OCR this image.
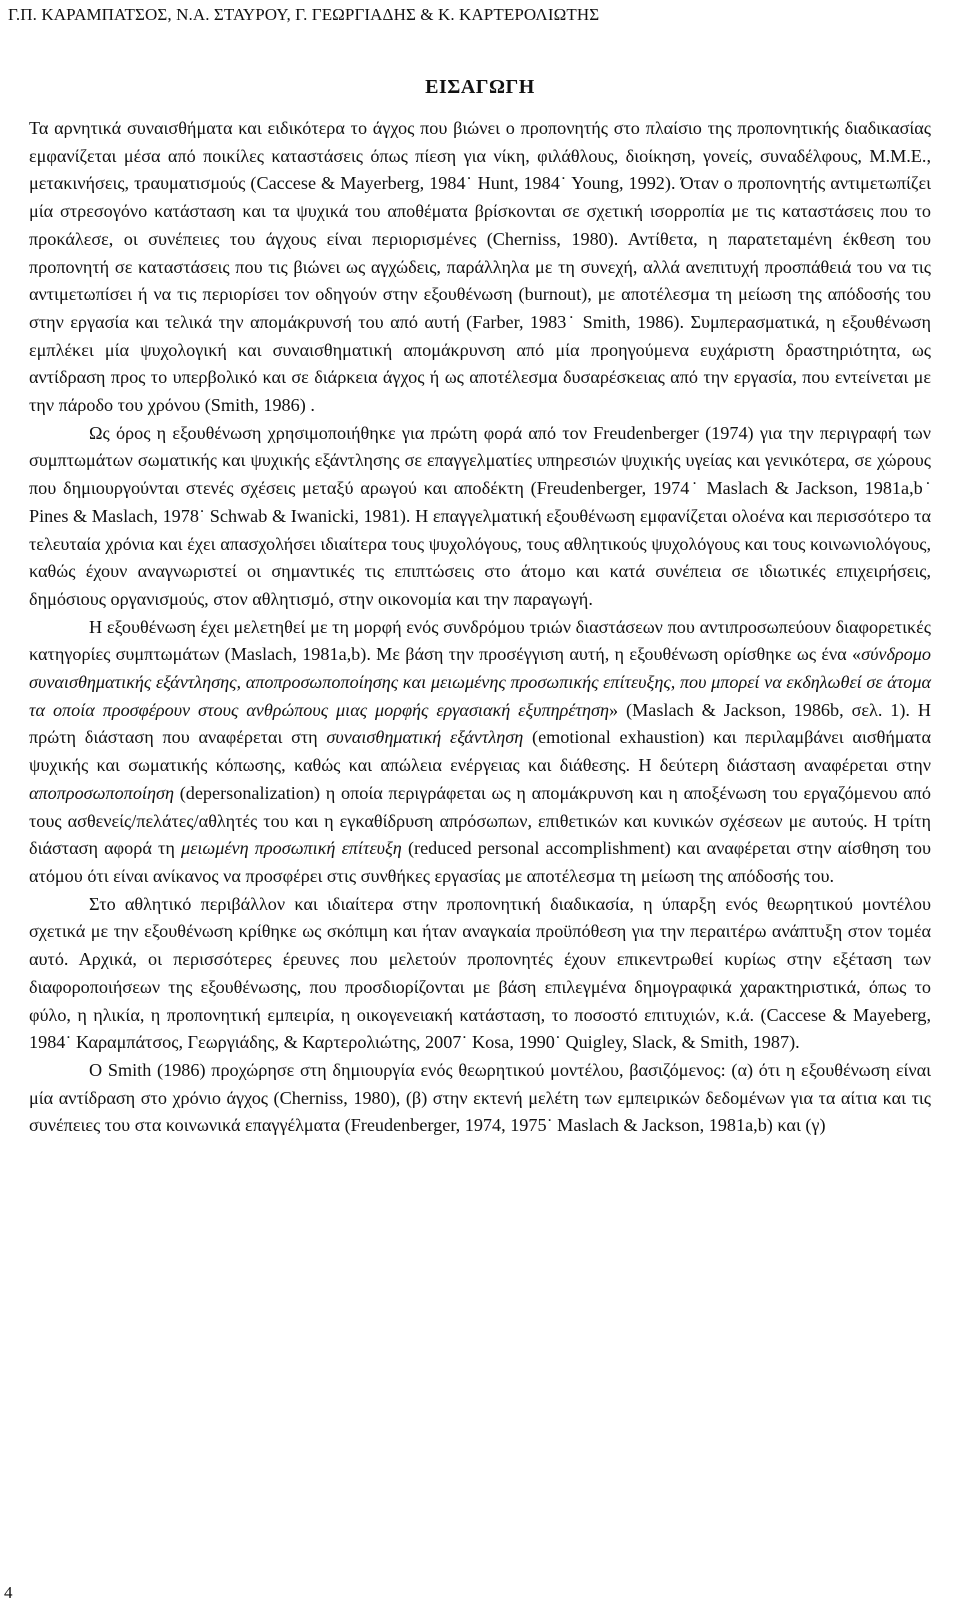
Γ.Π. ΚΑΡΑΜΠΑΤΣΟΣ, Ν.Α. ΣΤΑΥΡΟΥ, Γ. ΓΕΩΡΓΙΑΔΗΣ & Κ. ΚΑΡΤΕΡΟΛΙΩΤΗΣ
ΕΙΣΑΓΩΓΗ

Τα αρνητικά συναισθήματα και ειδικότερα το άγχος που βιώνει ο προπονητής στο πλαίσιο της προπονητικής διαδικασίας εμφανίζεται μέσα από ποικίλες καταστάσεις όπως πίεση για νίκη, φιλάθλους, διοίκηση, γονείς, συναδέλφους, Μ.Μ.Ε., μετακινήσεις, τραυματισμούς (Caccese & Mayerberg, 1984˙ Hunt, 1984˙ Young, 1992). Όταν ο προπονητής αντιμετωπίζει μία στρεσογόνο κατάσταση και τα ψυχικά του αποθέματα βρίσκονται σε σχετική ισορροπία με τις καταστάσεις που το προκάλεσε, οι συνέπειες του άγχους είναι περιορισμένες (Cherniss, 1980). Αντίθετα, η παρατεταμένη έκθεση του προπονητή σε καταστάσεις που τις βιώνει ως αγχώδεις, παράλληλα με τη συνεχή, αλλά ανεπιτυχή προσπάθειά του να τις αντιμετωπίσει ή να τις περιορίσει τον οδηγούν στην εξουθένωση (burnout), με αποτέλεσμα τη μείωση της απόδοσής του στην εργασία και τελικά την απομάκρυνσή του από αυτή (Farber, 1983˙ Smith, 1986). Συμπερασματικά, η εξουθένωση εμπλέκει μία ψυχολογική και συναισθηματική απομάκρυνση από μία προηγούμενα ευχάριστη δραστηριότητα, ως αντίδραση προς το υπερβολικό και σε διάρκεια άγχος ή ως αποτέλεσμα δυσαρέσκειας από την εργασία, που εντείνεται με την πάροδο του χρόνου (Smith, 1986) .

Ως όρος η εξουθένωση χρησιμοποιήθηκε για πρώτη φορά από τον Freudenberger (1974) για την περιγραφή των συμπτωμάτων σωματικής και ψυχικής εξάντλησης σε επαγγελματίες υπηρεσιών ψυχικής υγείας και γενικότερα, σε χώρους που δημιουργούνται στενές σχέσεις μεταξύ αρωγού και αποδέκτη (Freudenberger, 1974˙ Maslach & Jackson, 1981a,b˙ Pines & Maslach, 1978˙ Schwab & Iwanicki, 1981). Η επαγγελματική εξουθένωση εμφανίζεται ολοένα και περισσότερο τα τελευταία χρόνια και έχει απασχολήσει ιδιαίτερα τους ψυχολόγους, τους αθλητικούς ψυχολόγους και τους κοινωνιολόγους, καθώς έχουν αναγνωριστεί οι σημαντικές τις επιπτώσεις στο άτομο και κατά συνέπεια σε ιδιωτικές επιχειρήσεις, δημόσιους οργανισμούς, στον αθλητισμό, στην οικονομία και την παραγωγή.

Η εξουθένωση έχει μελετηθεί με τη μορφή ενός συνδρόμου τριών διαστάσεων που αντιπροσωπεύουν διαφορετικές κατηγορίες συμπτωμάτων (Maslach, 1981a,b). Με βάση την προσέγγιση αυτή, η εξουθένωση ορίσθηκε ως ένα «σύνδρομο συναισθηματικής εξάντλησης, αποπροσωποποίησης και μειωμένης προσωπικής επίτευξης, που μπορεί να εκδηλωθεί σε άτομα τα οποία προσφέρουν στους ανθρώπους μιας μορφής εργασιακή εξυπηρέτηση» (Maslach & Jackson, 1986b, σελ. 1). Η πρώτη διάσταση που αναφέρεται στη συναισθηματική εξάντληση (emotional exhaustion) και περιλαμβάνει αισθήματα ψυχικής και σωματικής κόπωσης, καθώς και απώλεια ενέργειας και διάθεσης. Η δεύτερη διάσταση αναφέρεται στην αποπροσωποποίηση (depersonalization) η οποία περιγράφεται ως η απομάκρυνση και η αποξένωση του εργαζόμενου από τους ασθενείς/πελάτες/αθλητές του και η εγκαθίδρυση απρόσωπων, επιθετικών και κυνικών σχέσεων με αυτούς. Η τρίτη διάσταση αφορά τη μειωμένη προσωπική επίτευξη (reduced personal accomplishment) και αναφέρεται στην αίσθηση του ατόμου ότι είναι ανίκανος να προσφέρει στις συνθήκες εργασίας με αποτέλεσμα τη μείωση της απόδοσής του.

Στο αθλητικό περιβάλλον και ιδιαίτερα στην προπονητική διαδικασία, η ύπαρξη ενός θεωρητικού μοντέλου σχετικά με την εξουθένωση κρίθηκε ως σκόπιμη και ήταν αναγκαία προϋπόθεση για την περαιτέρω ανάπτυξη στον τομέα αυτό. Αρχικά, οι περισσότερες έρευνες που μελετούν προπονητές έχουν επικεντρωθεί κυρίως στην εξέταση των διαφοροποιήσεων της εξουθένωσης, που προσδιορίζονται με βάση επιλεγμένα δημογραφικά χαρακτηριστικά, όπως το φύλο, η ηλικία, η προπονητική εμπειρία, η οικογενειακή κατάσταση, το ποσοστό επιτυχιών, κ.ά. (Caccese & Mayeberg, 1984˙ Καραμπάτσος, Γεωργιάδης, & Καρτερολιώτης, 2007˙ Kosa, 1990˙ Quigley, Slack, & Smith, 1987).

Ο Smith (1986) προχώρησε στη δημιουργία ενός θεωρητικού μοντέλου, βασιζόμενος: (α) ότι η εξουθένωση είναι μία αντίδραση στο χρόνιο άγχος (Cherniss, 1980), (β) στην εκτενή μελέτη των εμπειρικών δεδομένων για τα αίτια και τις συνέπειες του στα κοινωνικά επαγγέλματα (Freudenberger, 1974, 1975˙ Maslach & Jackson, 1981a,b) και (γ)

4
